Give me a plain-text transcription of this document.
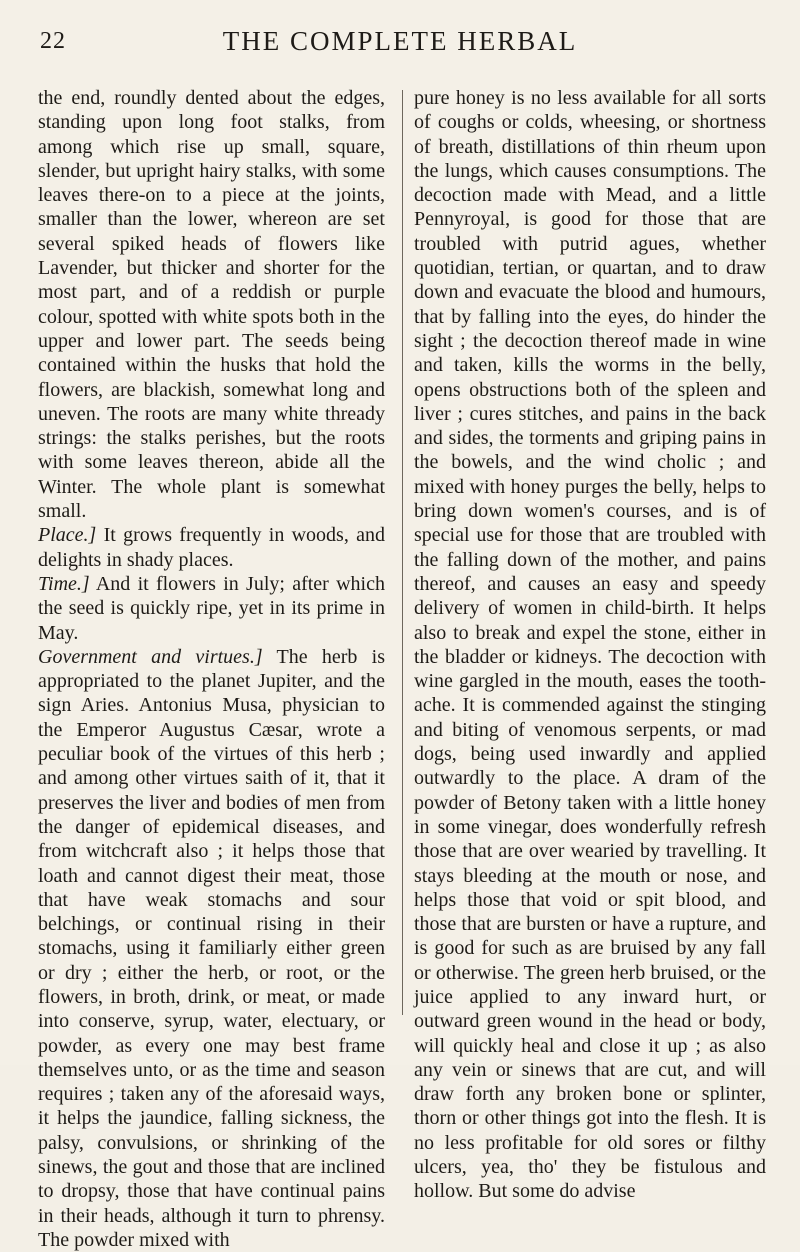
22	THE COMPLETE HERBAL

the end, roundly dented about the edges, standing upon long foot stalks, from among which rise up small, square, slender, but upright hairy stalks, with some leaves there-on to a piece at the joints, smaller than the lower, whereon are set several spiked heads of flowers like Lavender, but thicker and shorter for the most part, and of a reddish or purple colour, spotted with white spots both in the upper and lower part. The seeds being contained within the husks that hold the flowers, are blackish, somewhat long and uneven. The roots are many white thready strings: the stalks perishes, but the roots with some leaves thereon, abide all the Winter. The whole plant is somewhat small.

Place.] It grows frequently in woods, and delights in shady places.

Time.] And it flowers in July; after which the seed is quickly ripe, yet in its prime in May.

Government and virtues.] The herb is appropriated to the planet Jupiter, and the sign Aries. Antonius Musa, physician to the Emperor Augustus Cæsar, wrote a peculiar book of the virtues of this herb ; and among other virtues saith of it, that it preserves the liver and bodies of men from the danger of epidemical diseases, and from witchcraft also ; it helps those that loath and cannot digest their meat, those that have weak stomachs and sour belchings, or continual rising in their stomachs, using it familiarly either green or dry ; either the herb, or root, or the flowers, in broth, drink, or meat, or made into conserve, syrup, water, electuary, or powder, as every one may best frame themselves unto, or as the time and season requires ; taken any of the aforesaid ways, it helps the jaundice, falling sickness, the palsy, convulsions, or shrinking of the sinews, the gout and those that are inclined to dropsy, those that have continual pains in their heads, although it turn to phrensy. The powder mixed with

pure honey is no less available for all sorts of coughs or colds, wheesing, or shortness of breath, distillations of thin rheum upon the lungs, which causes consumptions. The decoction made with Mead, and a little Pennyroyal, is good for those that are troubled with putrid agues, whether quotidian, tertian, or quartan, and to draw down and evacuate the blood and humours, that by falling into the eyes, do hinder the sight ; the decoction thereof made in wine and taken, kills the worms in the belly, opens obstructions both of the spleen and liver ; cures stitches, and pains in the back and sides, the torments and griping pains in the bowels, and the wind cholic ; and mixed with honey purges the belly, helps to bring down women's courses, and is of special use for those that are troubled with the falling down of the mother, and pains thereof, and causes an easy and speedy delivery of women in child-birth. It helps also to break and expel the stone, either in the bladder or kidneys. The decoction with wine gargled in the mouth, eases the tooth-ache. It is commended against the stinging and biting of venomous serpents, or mad dogs, being used inwardly and applied outwardly to the place. A dram of the powder of Betony taken with a little honey in some vinegar, does wonderfully refresh those that are over wearied by travelling. It stays bleeding at the mouth or nose, and helps those that void or spit blood, and those that are bursten or have a rupture, and is good for such as are bruised by any fall or otherwise. The green herb bruised, or the juice applied to any inward hurt, or outward green wound in the head or body, will quickly heal and close it up ; as also any vein or sinews that are cut, and will draw forth any broken bone or splinter, thorn or other things got into the flesh. It is no less profitable for old sores or filthy ulcers, yea, tho' they be fistulous and hollow. But some do advise
